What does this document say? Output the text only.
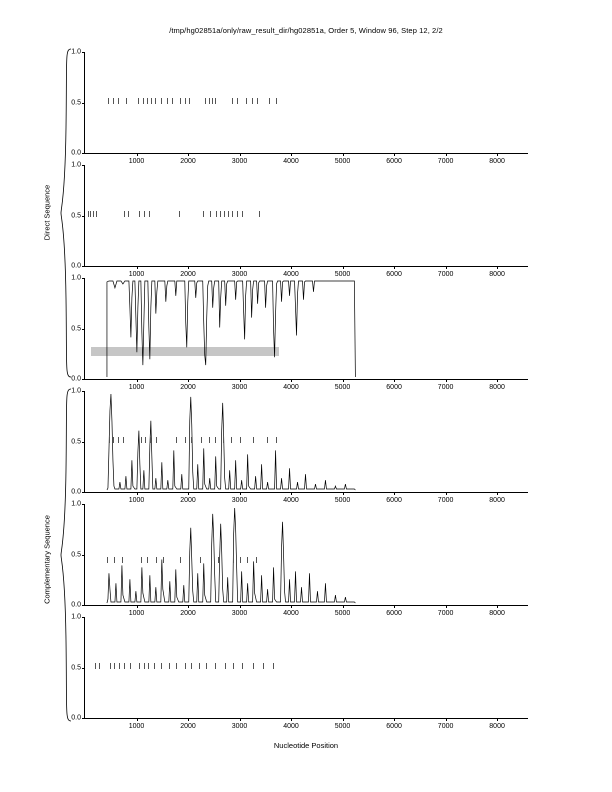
/tmp/hg02851a/only/raw_result_dir/hg02851a, Order 5, Window 96, Step 12, 2/2
Direct Sequence
Complementary Sequence
0.0
0.5
1.0
1000	2000	3000	4000	5000	6000	7000	8000
0.0
0.5
1.0
1000	2000	3000	4000	5000	6000	7000	8000
0.0
0.5
1.0
1000	2000	3000	4000	5000	6000	7000	8000
0.0
0.5
1.0
1000	2000	3000	4000	5000	6000	7000	8000
0.0
0.5
1.0
1000	2000	3000	4000	5000	6000	7000	8000
0.0
0.5
1.0
1000	2000	3000	4000	5000	6000	7000	8000
Nucleotide Position
